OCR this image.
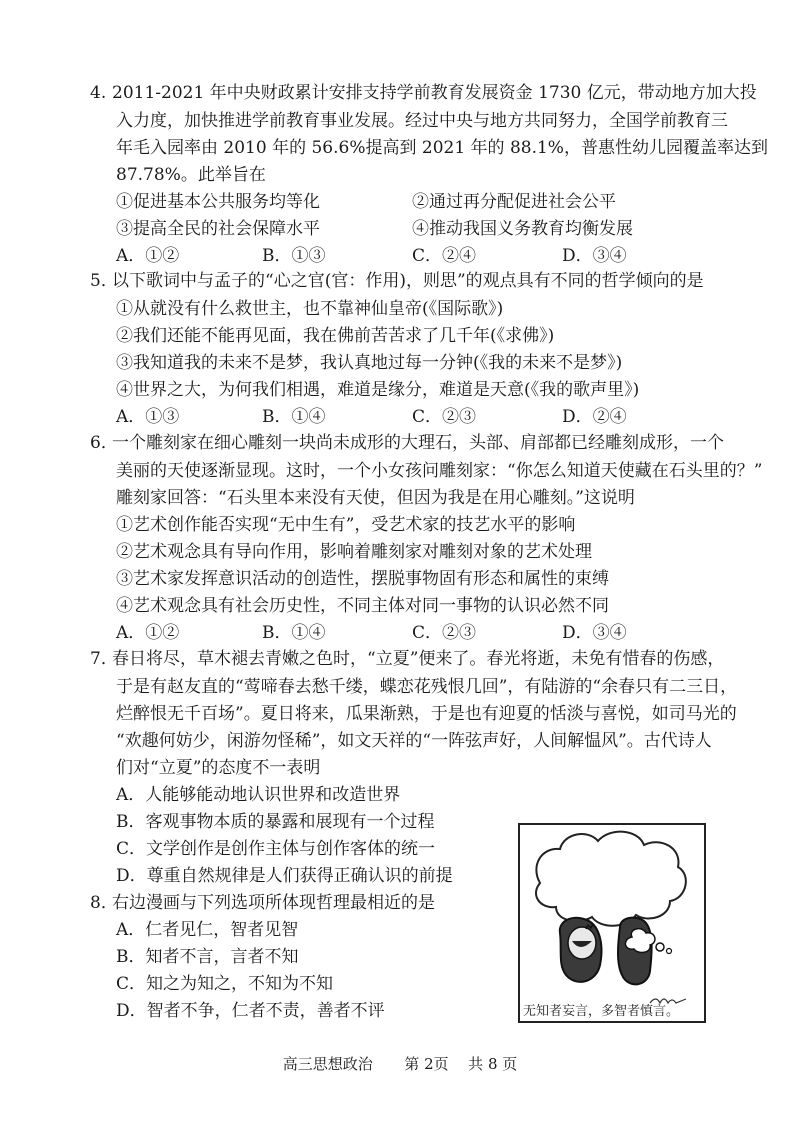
4. 2011-2021 年中央财政累计安排支持学前教育发展资金 1730 亿元，带动地方加大投
入力度，加快推进学前教育事业发展。经过中央与地方共同努力，全国学前教育三
年毛入园率由 2010 年的 56.6%提高到 2021 年的 88.1%，普惠性幼儿园覆盖率达到
87.78%。此举旨在
①促进基本公共服务均等化	②通过再分配促进社会公平
③提高全民的社会保障水平	④推动我国义务教育均衡发展
A．①②	B．①③	C．②④	D．③④
5．
以下歌词中与孟子的“心之官(官：作用)，则思”的观点具有不同的哲学倾向的是
①从就没有什么救世主，也不靠神仙皇帝(《国际歌》)
②我们还能不能再见面，我在佛前苦苦求了几千年(《求佛》)
③我知道我的未来不是梦，我认真地过每一分钟(《我的未来不是梦》)
④世界之大，为何我们相遇，难道是缘分，难道是天意(《我的歌声里》)
A．①③	B．①④	C．②③	D．②④
6．
一个雕刻家在细心雕刻一块尚未成形的大理石，头部、肩部都已经雕刻成形，一个
美丽的天使逐渐显现。这时，一个小女孩问雕刻家：“你怎么知道天使藏在石头里的？”
雕刻家回答：“石头里本来没有天使，但因为我是在用心雕刻。”这说明
①艺术创作能否实现“无中生有”，受艺术家的技艺水平的影响
②艺术观念具有导向作用，影响着雕刻家对雕刻对象的艺术处理
③艺术家发挥意识活动的创造性，摆脱事物固有形态和属性的束缚
④艺术观念具有社会历史性，不同主体对同一事物的认识必然不同
A．①②	B．①④	C．②③	D．③④
7．
春日将尽，草木褪去青嫩之色时，“立夏”便来了。春光将逝，未免有惜春的伤感，
于是有赵友直的“莺啼春去愁千缕，蝶恋花残恨几回”，有陆游的“余春只有二三日，
烂醉恨无千百场”。夏日将来，瓜果渐熟，于是也有迎夏的恬淡与喜悦，如司马光的
“欢趣何妨少，闲游勿怪稀”，如文天祥的“一阵弦声好，人间解愠风”。古代诗人
们对“立夏”的态度不一表明
A．人能够能动地认识世界和改造世界
B．客观事物本质的暴露和展现有一个过程
C．文学创作是创作主体与创作客体的统一
D．尊重自然规律是人们获得正确认识的前提
8．
右边漫画与下列选项所体现哲理最相近的是
A．仁者见仁，智者见智
B．知者不言，言者不知
C．知之为知之，不知为不知
D．智者不争，仁者不责，善者不评	无知者妄言，多智者慎言。
高三思想政治 第 2页 共 8 页
